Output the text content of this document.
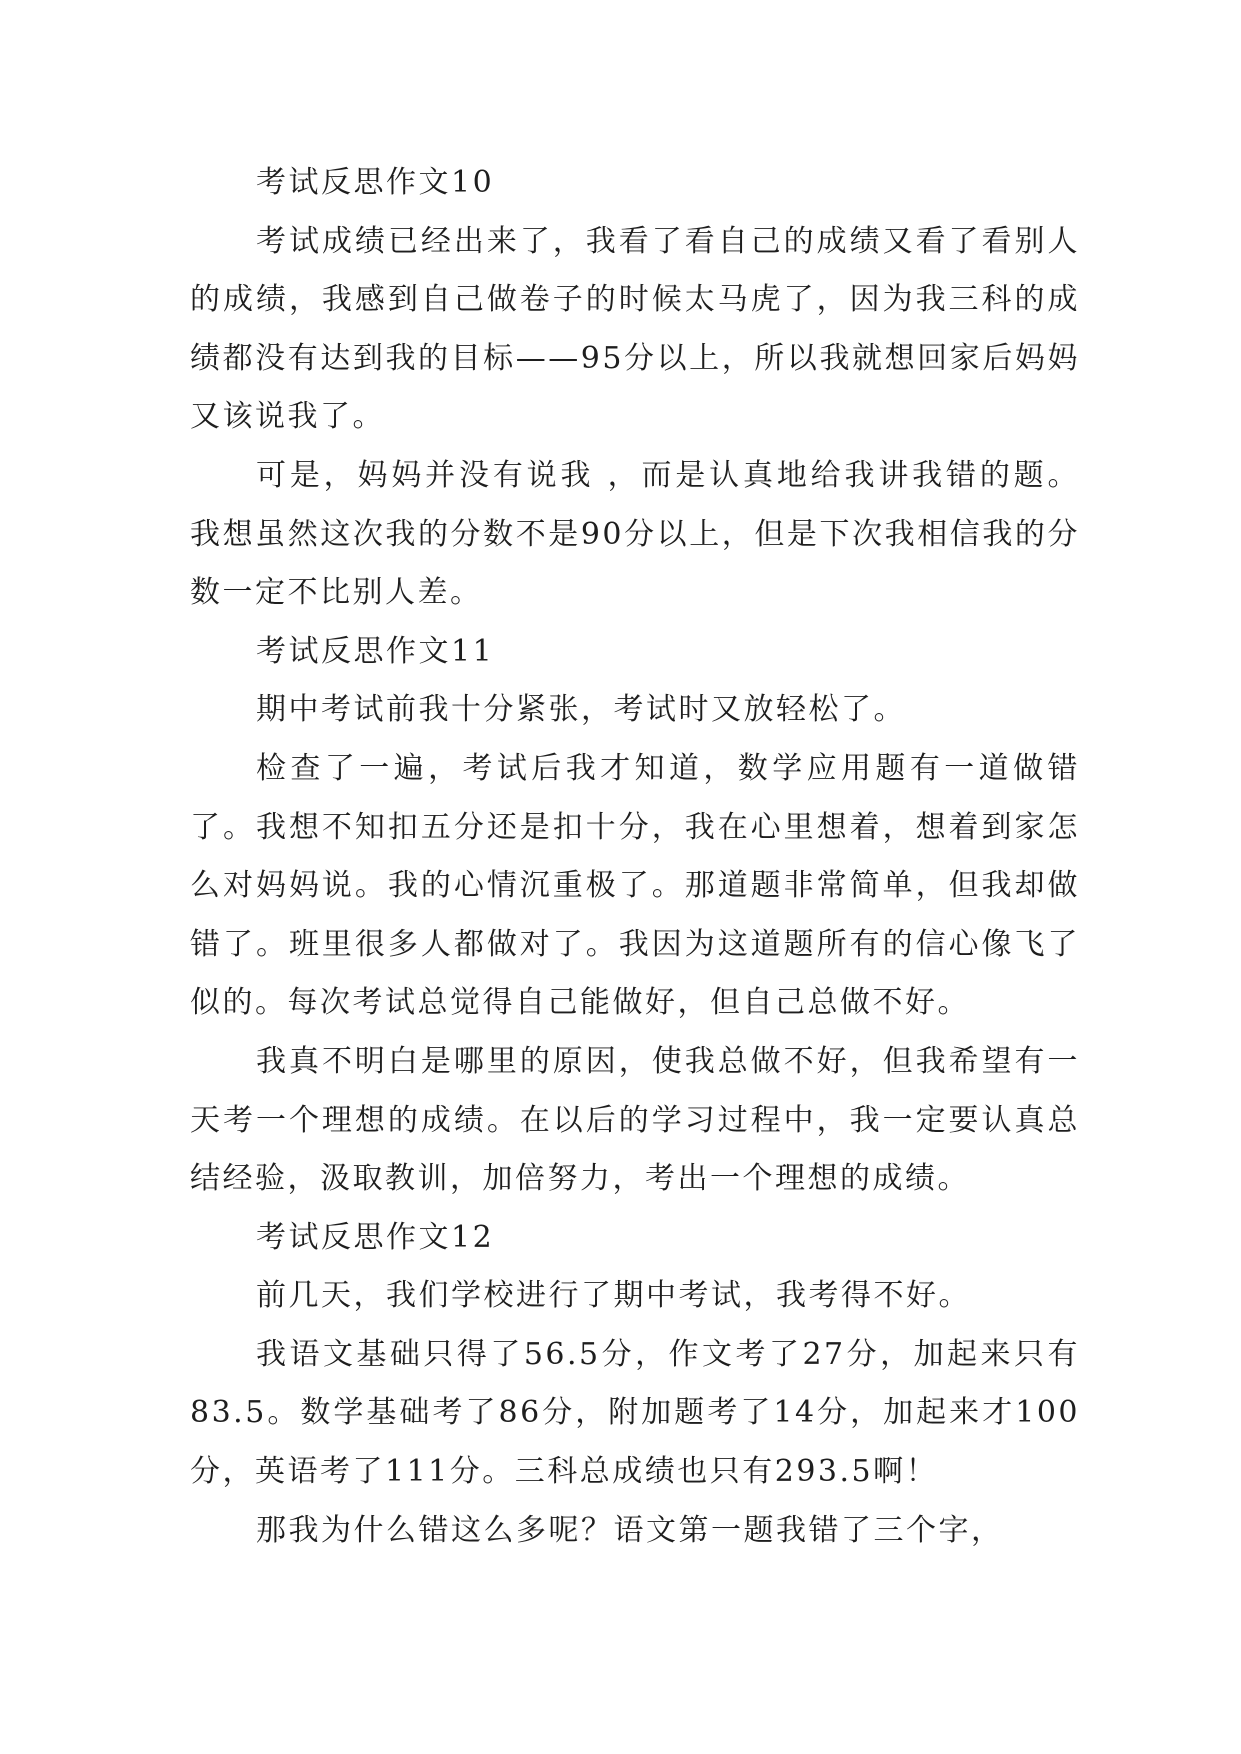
考试反思作文10

考试成绩已经出来了，我看了看自己的成绩又看了看别人的成绩，我感到自己做卷子的时候太马虎了，因为我三科的成绩都没有达到我的目标——95分以上，所以我就想回家后妈妈又该说我了。

可是，妈妈并没有说我 ，而是认真地给我讲我错的题。我想虽然这次我的分数不是90分以上，但是下次我相信我的分数一定不比别人差。

考试反思作文11

期中考试前我十分紧张，考试时又放轻松了。

检查了一遍，考试后我才知道，数学应用题有一道做错了。我想不知扣五分还是扣十分，我在心里想着，想着到家怎么对妈妈说。我的心情沉重极了。那道题非常简单，但我却做错了。班里很多人都做对了。我因为这道题所有的信心像飞了似的。每次考试总觉得自己能做好，但自己总做不好。

我真不明白是哪里的原因，使我总做不好，但我希望有一天考一个理想的成绩。在以后的学习过程中，我一定要认真总结经验，汲取教训，加倍努力，考出一个理想的成绩。

考试反思作文12

前几天，我们学校进行了期中考试，我考得不好。

我语文基础只得了56.5分，作文考了27分，加起来只有83.5。数学基础考了86分，附加题考了14分，加起来才100分，英语考了111分。三科总成绩也只有293.5啊！

那我为什么错这么多呢？语文第一题我错了三个字，
